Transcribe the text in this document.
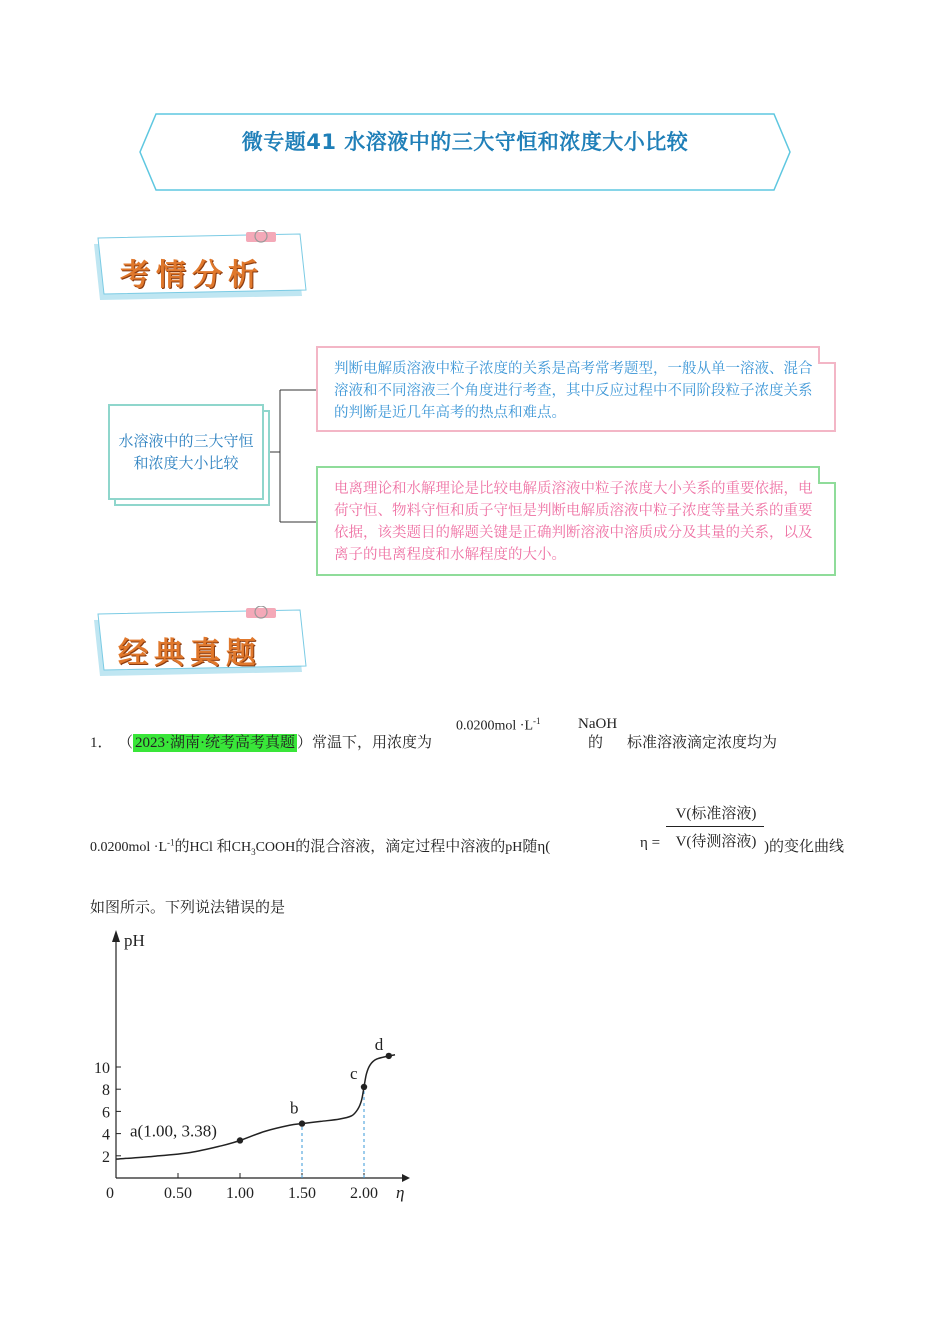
微专题41 水溶液中的三大守恒和浓度大小比较
考情分析
水溶液中的三大守恒和浓度大小比较
判断电解质溶液中粒子浓度的关系是高考常考题型，一般从单一溶液、混合溶液和不同溶液三个角度进行考查，其中反应过程中不同阶段粒子浓度关系的判断是近几年高考的热点和难点。
电离理论和水解理论是比较电解质溶液中粒子浓度大小关系的重要依据，电荷守恒、物料守恒和质子守恒是判断电解质溶液中粒子浓度等量关系的重要依据，该类题目的解题关键是正确判断溶液中溶质成分及其量的关系，以及离子的电离程度和水解程度的大小。
经典真题
1． （ 2023·湖南·统考高考真题 ）常温下，用浓度为
$0.0200mol \cdot L^{-1}$
的
NaOH
标准溶液滴定浓度均为
$0.0200mol \cdot L^{-1}$的HCl 和$CH_3COOH$的混合溶液，滴定过程中溶液的pH随η(	η =
V(标准溶液)
V(待测溶液) )的变化曲线
如图所示。下列说法错误的是
pH
η
0	0.50 1.00 1.50 2.00
2
4
6
8
10
a(1.00, 3.38)
b
c
d
